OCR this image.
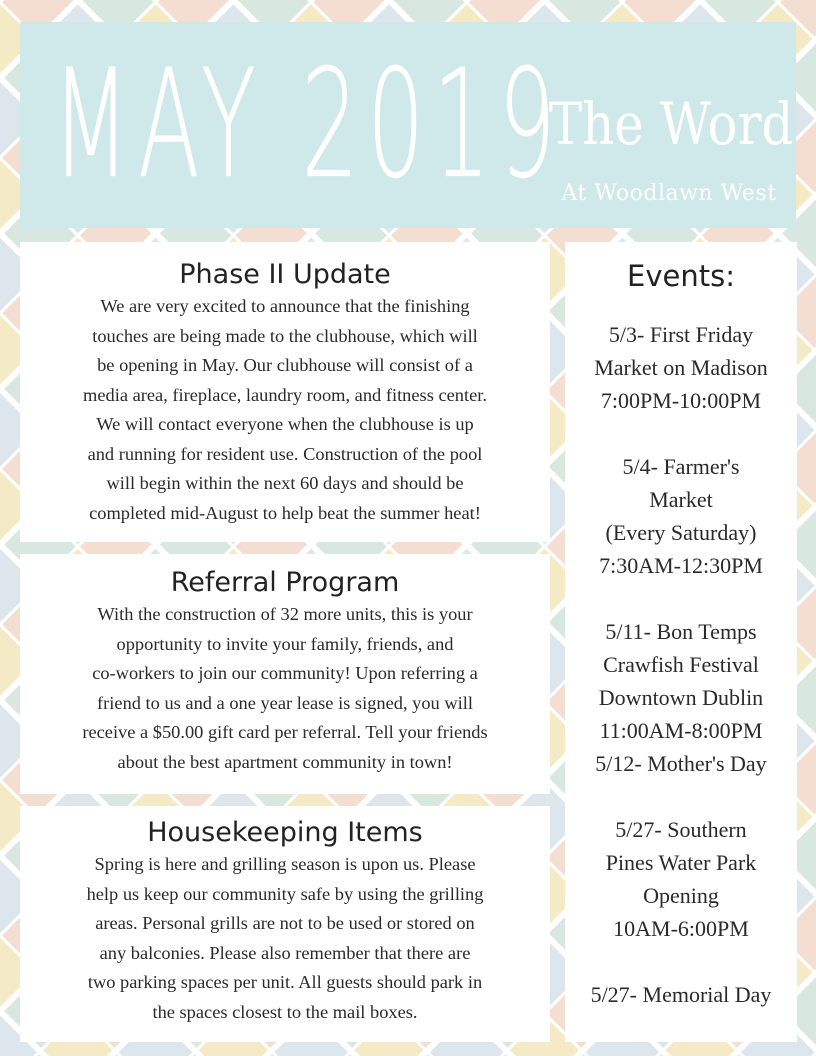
MAY 2019
The Word
At Woodlawn West
Phase II Update

We are very excited to announce that the finishing
touches are being made to the clubhouse, which will
be opening in May. Our clubhouse will consist of a
media area, fireplace, laundry room, and fitness center.
We will contact everyone when the clubhouse is up
and running for resident use. Construction of the pool
will begin within the next 60 days and should be
completed mid-August to help beat the summer heat!

Referral Program

With the construction of 32 more units, this is your
opportunity to invite your family, friends, and
co-workers to join our community! Upon referring a
friend to us and a one year lease is signed, you will
receive a $50.00 gift card per referral. Tell your friends
about the best apartment community in town!

Housekeeping Items

Spring is here and grilling season is upon us. Please
help us keep our community safe by using the grilling
areas. Personal grills are not to be used or stored on
any balconies. Please also remember that there are
two parking spaces per unit. All guests should park in
the spaces closest to the mail boxes.

Events:
5/3- First Friday
Market on Madison
7:00PM-10:00PM
5/4- Farmer's
Market
(Every Saturday)
7:30AM-12:30PM
5/11- Bon Temps
Crawfish Festival
Downtown Dublin
11:00AM-8:00PM
5/12- Mother's Day
5/27- Southern
Pines Water Park
Opening
10AM-6:00PM
5/27- Memorial Day
